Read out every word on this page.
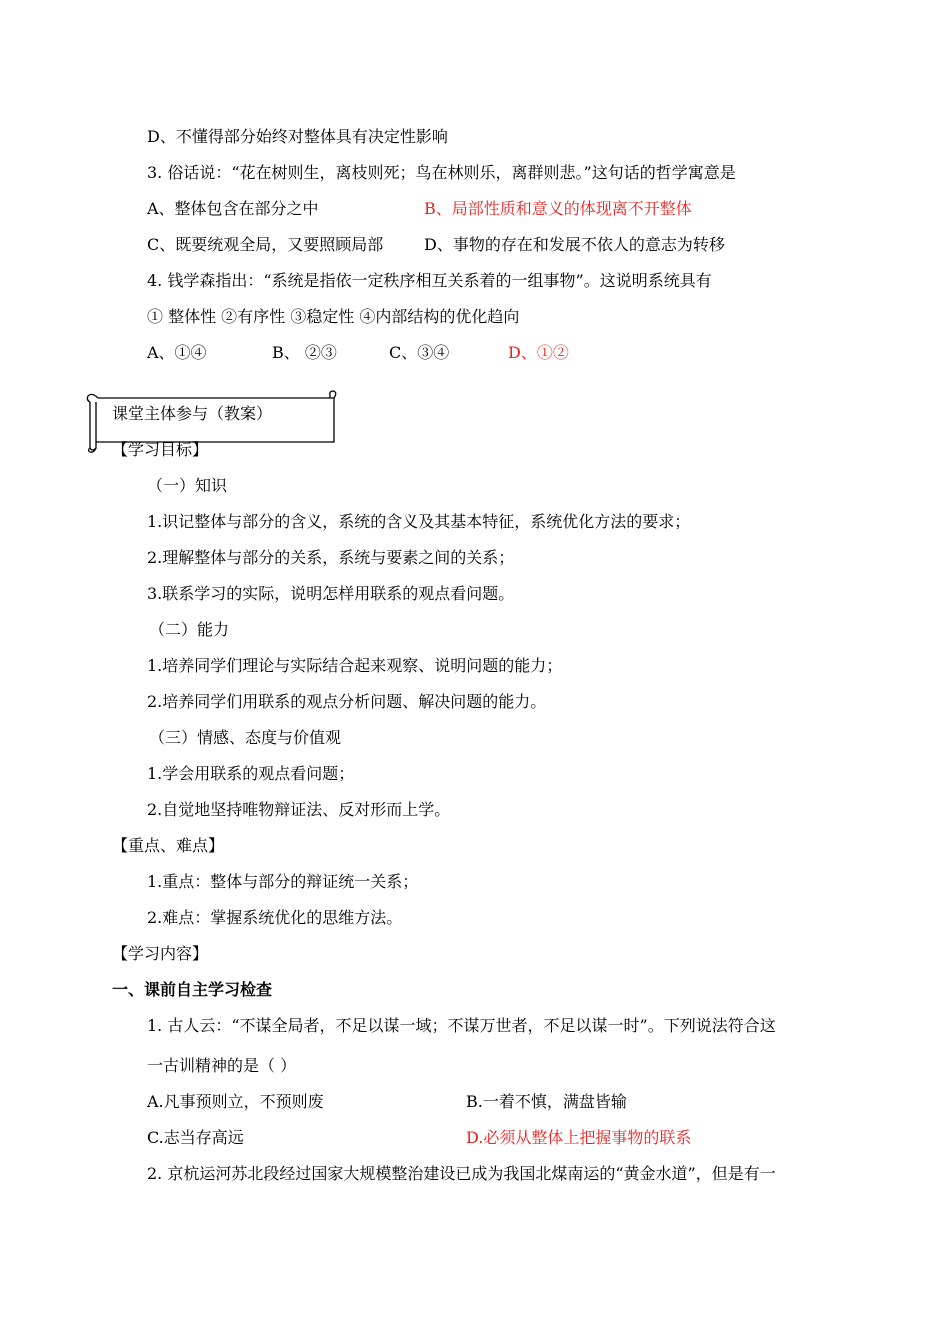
D、不懂得部分始终对整体具有决定性影响
3. 俗话说：“花在树则生，离枝则死；鸟在林则乐，离群则悲。”这句话的哲学寓意是
A、整体包含在部分之中	B、局部性质和意义的体现离不开整体
C、既要统观全局，又要照顾局部	D、事物的存在和发展不依人的意志为转移
4. 钱学森指出：“系统是指依一定秩序相互关系着的一组事物”。这说明系统具有
① 整体性 ②有序性 ③稳定性 ④内部结构的优化趋向
A、①④	B、 ②③	C、③④	D、①②
课堂主体参与（教案）
【学习目标】
（一）知识
1.识记整体与部分的含义，系统的含义及其基本特征，系统优化方法的要求；
2.理解整体与部分的关系，系统与要素之间的关系；
3.联系学习的实际，说明怎样用联系的观点看问题。
（二）能力
1.培养同学们理论与实际结合起来观察、说明问题的能力；
2.培养同学们用联系的观点分析问题、解决问题的能力。
（三）情感、态度与价值观
1.学会用联系的观点看问题；
2.自觉地坚持唯物辩证法、反对形而上学。
【重点、难点】
1.重点：整体与部分的辩证统一关系；
2.难点：掌握系统优化的思维方法。
【学习内容】
一、课前自主学习检查
1. 古人云：“不谋全局者，不足以谋一域；不谋万世者，不足以谋一时”。下列说法符合这
一古训精神的是（ ）
A.凡事预则立，不预则废	B.一着不慎，满盘皆输
C.志当存高远	D.必须从整体上把握事物的联系
2. 京杭运河苏北段经过国家大规模整治建设已成为我国北煤南运的“黄金水道”，但是有一
